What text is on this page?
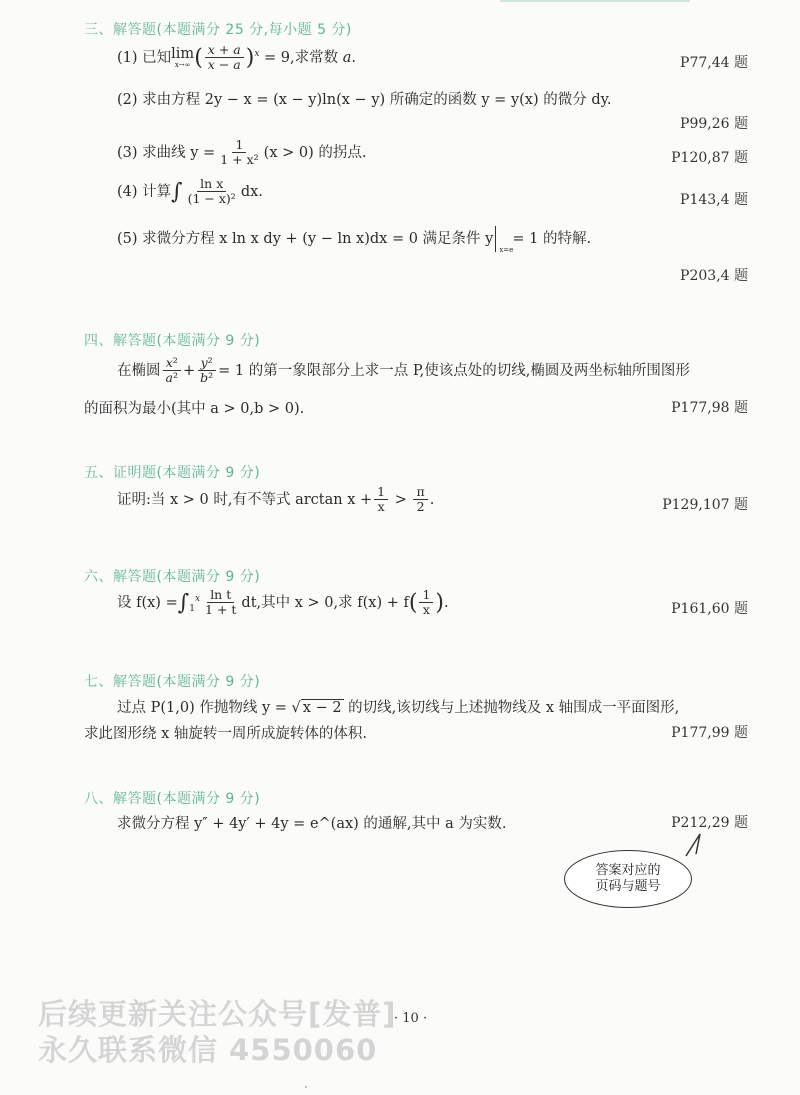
三、解答题(本题满分 25 分,每小题 5 分)
(1) 已知 lim
x→∞ ( $\frac{x + a}{x - a} )^x = 9$,求常数 a.	P77,44 题
(2) 求由方程 2y − x = (x − y)ln(x − y) 所确定的函数 y = y(x) 的微分 dy.
P99,26 题
(3) 求曲线 $y = \frac{1}{\text{1 + x²}} (x > 0)$ 的拐点.	P120,87 题
(4) 计算∫ $\frac{\text{ln x}}{\text{(1 − x)²}}$ dx.
P143,4 题
(5) 求微分方程 x ln x dy + (y − ln x)dx = 0 满足条件 y
x=e
= 1 的特解.
P203,4 题
四、解答题(本题满分 9 分)
在椭圆 $\frac{\text{x²}}{\text{a²}} + \frac{\text{y²}}{\text{b²}} = 1$ 的第一象限部分上求一点 P,使该点处的切线,椭圆及两坐标轴所围图形
的面积为最小(其中 a > 0,b > 0).	P177,98 题
五、证明题(本题满分 9 分)
证明:当 x > 0 时,有不等式 $\arctan x + \frac{1}{x} > \frac{\pi}{2}$ .	P129,107 题
六、解答题(本题满分 9 分)
设 $f(x) =\int_1^x \frac{\text{ln t}}{1 + t}$ dt,其中 x > 0,求 $f(x) + f( \frac{1}{x}$ ).	P161,60 题
七、解答题(本题满分 9 分)
过点 P(1,0) 作抛物线 y = √ x − 2 的切线,该切线与上述抛物线及 x 轴围成一平面图形,
求此图形绕 x 轴旋转一周所成旋转体的体积.	P177,99 题
八、解答题(本题满分 9 分)
求微分方程 y″ + 4y′ + 4y = e^(ax) 的通解,其中 a 为实数.	P212,29 题
答案对应的
页码与题号
后续更新关注公众号[发普]
永久联系微信 4550060
· 10 ·
